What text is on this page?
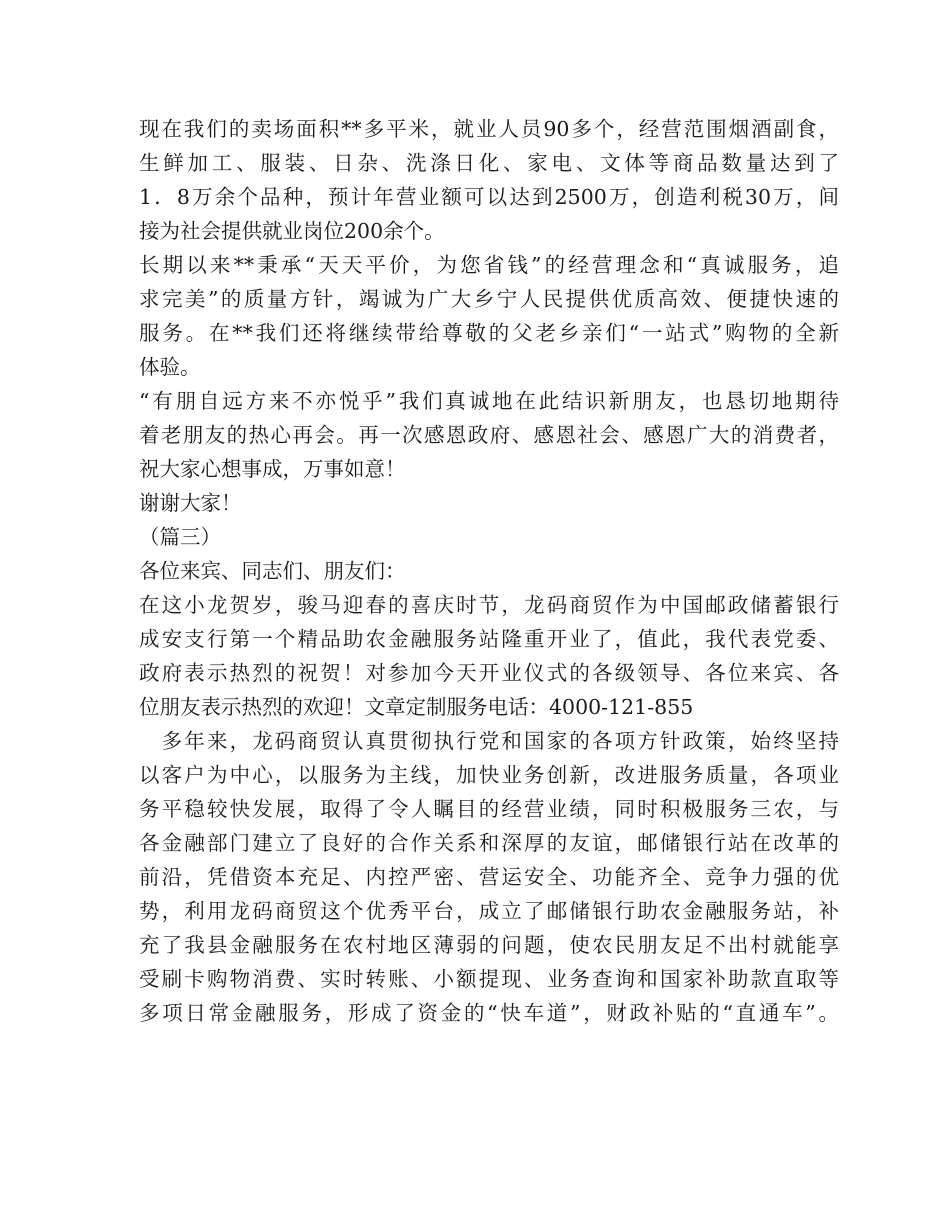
现在我们的卖场面积**多平米，就业人员90多个，经营范围烟酒副食，
生鲜加工、服装、日杂、洗涤日化、家电、文体等商品数量达到了
1．8万余个品种，预计年营业额可以达到2500万，创造利税30万，间
接为社会提供就业岗位200余个。
长期以来**秉承“天天平价，为您省钱”的经营理念和“真诚服务，追
求完美”的质量方针，竭诚为广大乡宁人民提供优质高效、便捷快速的
服务。在**我们还将继续带给尊敬的父老乡亲们“一站式”购物的全新
体验。
“有朋自远方来不亦悦乎”我们真诚地在此结识新朋友，也恳切地期待
着老朋友的热心再会。再一次感恩政府、感恩社会、感恩广大的消费者，
祝大家心想事成，万事如意！
谢谢大家！
（篇三）
各位来宾、同志们、朋友们：
在这小龙贺岁，骏马迎春的喜庆时节，龙码商贸作为中国邮政储蓄银行
成安支行第一个精品助农金融服务站隆重开业了，值此，我代表党委、
政府表示热烈的祝贺！对参加今天开业仪式的各级领导、各位来宾、各
位朋友表示热烈的欢迎！文章定制服务电话：4000-121-855
　多年来，龙码商贸认真贯彻执行党和国家的各项方针政策，始终坚持
以客户为中心，以服务为主线，加快业务创新，改进服务质量，各项业
务平稳较快发展，取得了令人瞩目的经营业绩，同时积极服务三农，与
各金融部门建立了良好的合作关系和深厚的友谊，邮储银行站在改革的
前沿，凭借资本充足、内控严密、营运安全、功能齐全、竞争力强的优
势，利用龙码商贸这个优秀平台，成立了邮储银行助农金融服务站，补
充了我县金融服务在农村地区薄弱的问题，使农民朋友足不出村就能享
受刷卡购物消费、实时转账、小额提现、业务查询和国家补助款直取等
多项日常金融服务，形成了资金的“快车道”，财政补贴的“直通车”。
